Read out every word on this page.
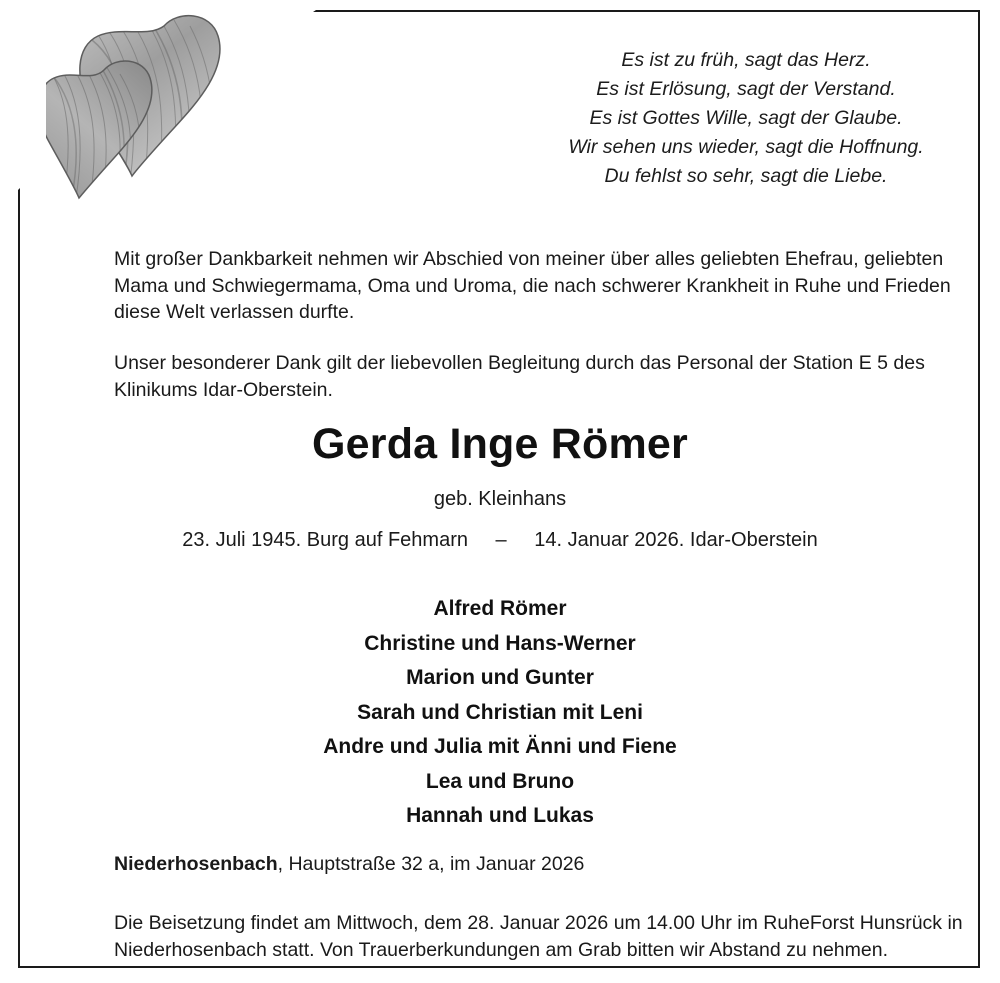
Es ist zu früh, sagt das Herz.
Es ist Erlösung, sagt der Verstand.
Es ist Gottes Wille, sagt der Glaube.
Wir sehen uns wieder, sagt die Hoffnung.
Du fehlst so sehr, sagt die Liebe.
Mit großer Dankbarkeit nehmen wir Abschied von meiner über alles geliebten Ehefrau, geliebten Mama und Schwiegermama, Oma und Uroma, die nach schwerer Krankheit in Ruhe und Frieden diese Welt verlassen durfte.
Unser besonderer Dank gilt der liebevollen Begleitung durch das Personal der Station E 5 des Klinikums Idar-Oberstein.
Gerda Inge Römer
geb. Kleinhans
23. Juli 1945. Burg auf Fehmarn – 14. Januar 2026. Idar-Oberstein
Alfred Römer
Christine und Hans-Werner
Marion und Gunter
Sarah und Christian mit Leni
Andre und Julia mit Änni und Fiene
Lea und Bruno
Hannah und Lukas
Niederhosenbach, Hauptstraße 32 a, im Januar 2026
Die Beisetzung findet am Mittwoch, dem 28. Januar 2026 um 14.00 Uhr im RuheForst Hunsrück in Niederhosenbach statt. Von Trauerberkundungen am Grab bitten wir Abstand zu nehmen.
